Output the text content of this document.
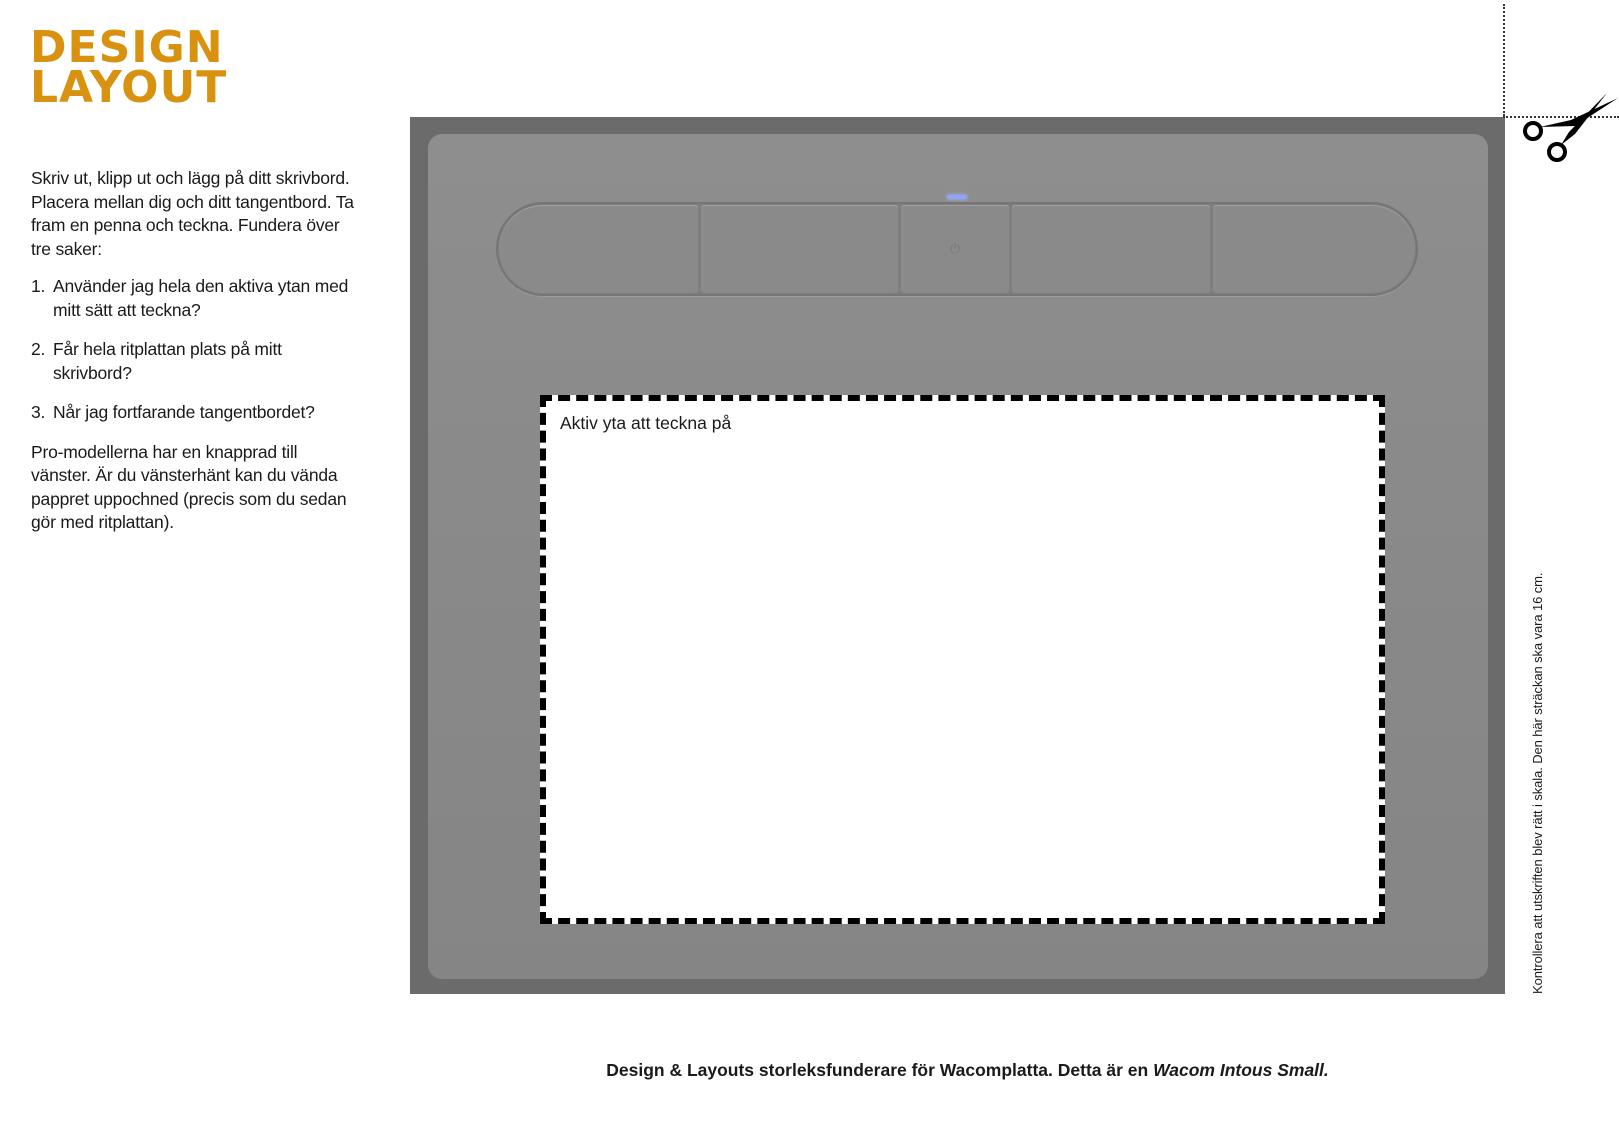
DESIGN
LAYOUT

Skriv ut, klipp ut och lägg på ditt skrivbord. Placera mellan dig och ditt tangentbord. Ta fram en penna och teckna. Fundera över tre saker:

1. Använder jag hela den aktiva ytan med mitt sätt att teckna?
2. Får hela ritplattan plats på mitt skrivbord?
3. Når jag fortfarande tangentbordet?

Pro-modellerna har en knapprad till vänster. Är du vänsterhänt kan du vända pappret uppochned (precis som du sedan gör med ritplattan).

⏻
Aktiv yta att teckna på
Kontrollera att utskriften blev rätt i skala. Den här sträckan ska vara 16 cm.
Design & Layouts storleksfunderare för Wacomplatta. Detta är en Wacom Intous Small.
